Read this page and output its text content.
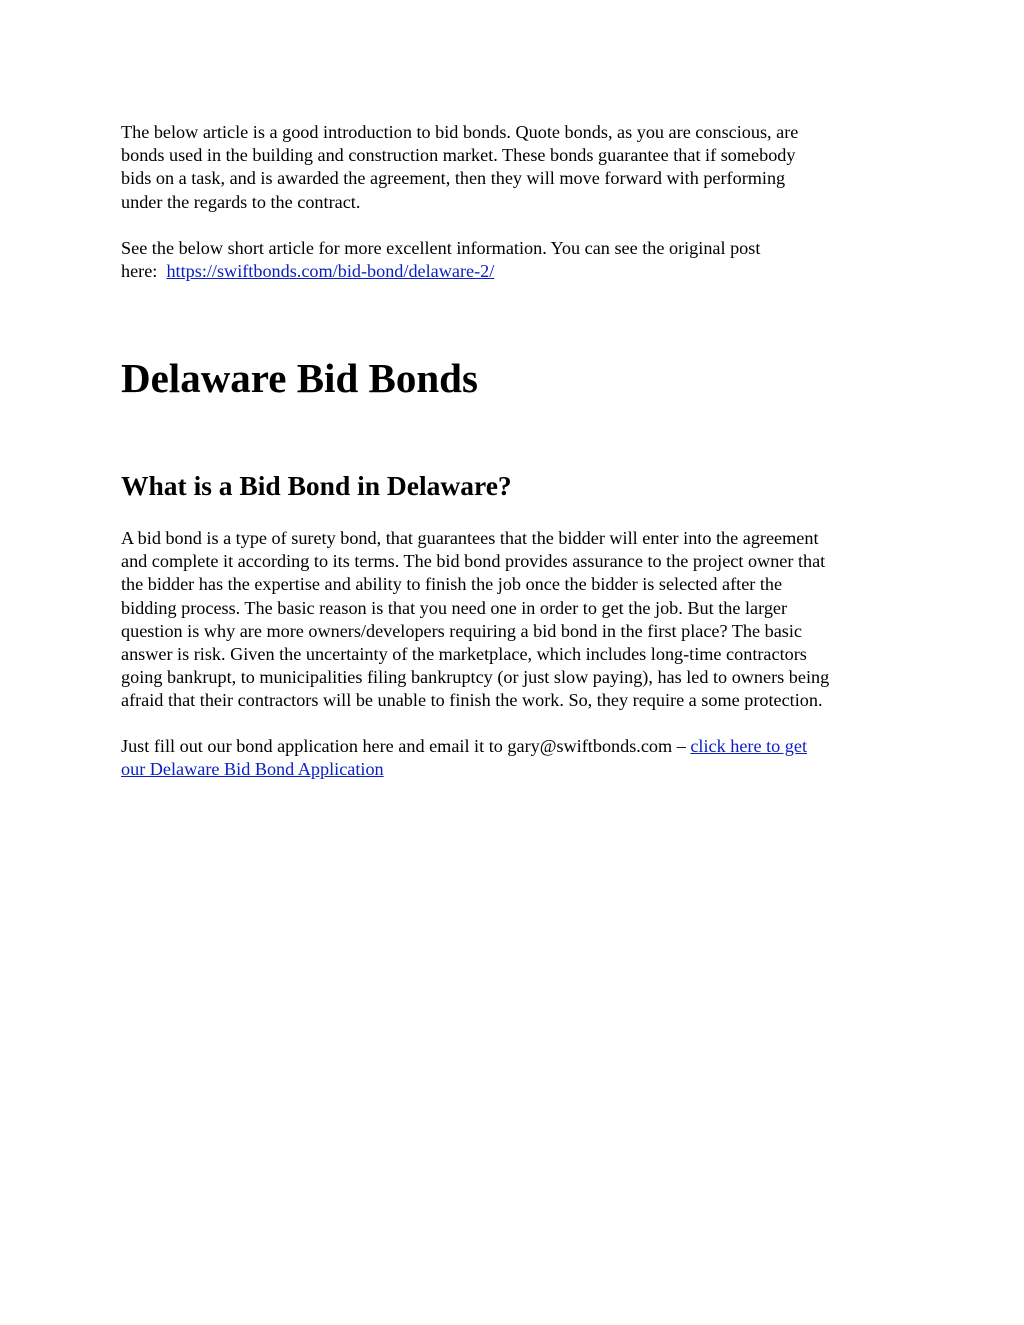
The below article is a good introduction to bid bonds. Quote bonds, as you are conscious, are
bonds used in the building and construction market. These bonds guarantee that if somebody
bids on a task, and is awarded the agreement, then they will move forward with performing
under the regards to the contract.
See the below short article for more excellent information. You can see the original post
here:  https://swiftbonds.com/bid-bond/delaware-2/
Delaware Bid Bonds
What is a Bid Bond in Delaware?
A bid bond is a type of surety bond, that guarantees that the bidder will enter into the agreement
and complete it according to its terms. The bid bond provides assurance to the project owner that
the bidder has the expertise and ability to finish the job once the bidder is selected after the
bidding process. The basic reason is that you need one in order to get the job. But the larger
question is why are more owners/developers requiring a bid bond in the first place? The basic
answer is risk. Given the uncertainty of the marketplace, which includes long-time contractors
going bankrupt, to municipalities filing bankruptcy (or just slow paying), has led to owners being
afraid that their contractors will be unable to finish the work. So, they require a some protection.
Just fill out our bond application here and email it to gary@swiftbonds.com – click here to get
our Delaware Bid Bond Application
